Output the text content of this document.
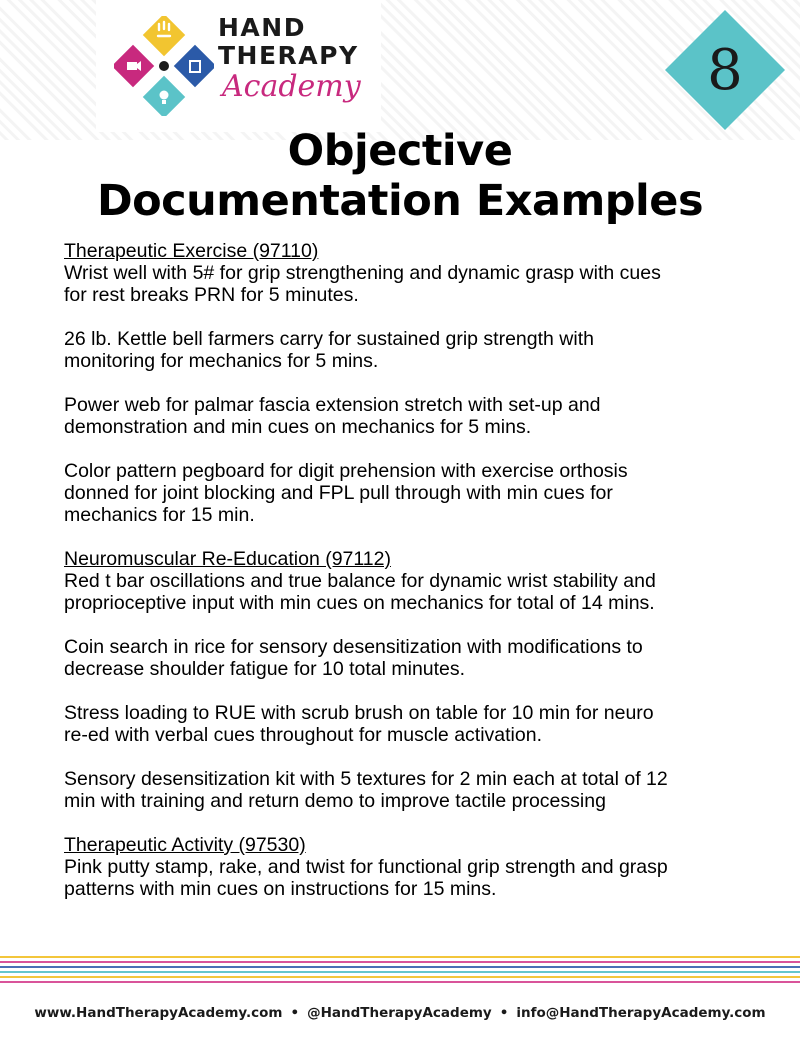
HAND
THERAPY
Academy	8
Objective
Documentation Examples
Therapeutic Exercise (97110)
Wrist well with 5# for grip strengthening and dynamic grasp with cues
for rest breaks PRN for 5 minutes.
26 lb. Kettle bell farmers carry for sustained grip strength with
monitoring for mechanics for 5 mins.
Power web for palmar fascia extension stretch with set-up and
demonstration and min cues on mechanics for 5 mins.
Color pattern pegboard for digit prehension with exercise orthosis
donned for joint blocking and FPL pull through with min cues for
mechanics for 15 min.
Neuromuscular Re-Education (97112)
Red t bar oscillations and true balance for dynamic wrist stability and
proprioceptive input with min cues on mechanics for total of 14 mins.
Coin search in rice for sensory desensitization with modifications to
decrease shoulder fatigue for 10 total minutes.
Stress loading to RUE with scrub brush on table for 10 min for neuro
re-ed with verbal cues throughout for muscle activation.
Sensory desensitization kit with 5 textures for 2 min each at total of 12
min with training and return demo to improve tactile processing
Therapeutic Activity (97530)
Pink putty stamp, rake, and twist for functional grip strength and grasp
patterns with min cues on instructions for 15 mins.
www.HandTherapyAcademy.com • @HandTherapyAcademy • info@HandTherapyAcademy.com
